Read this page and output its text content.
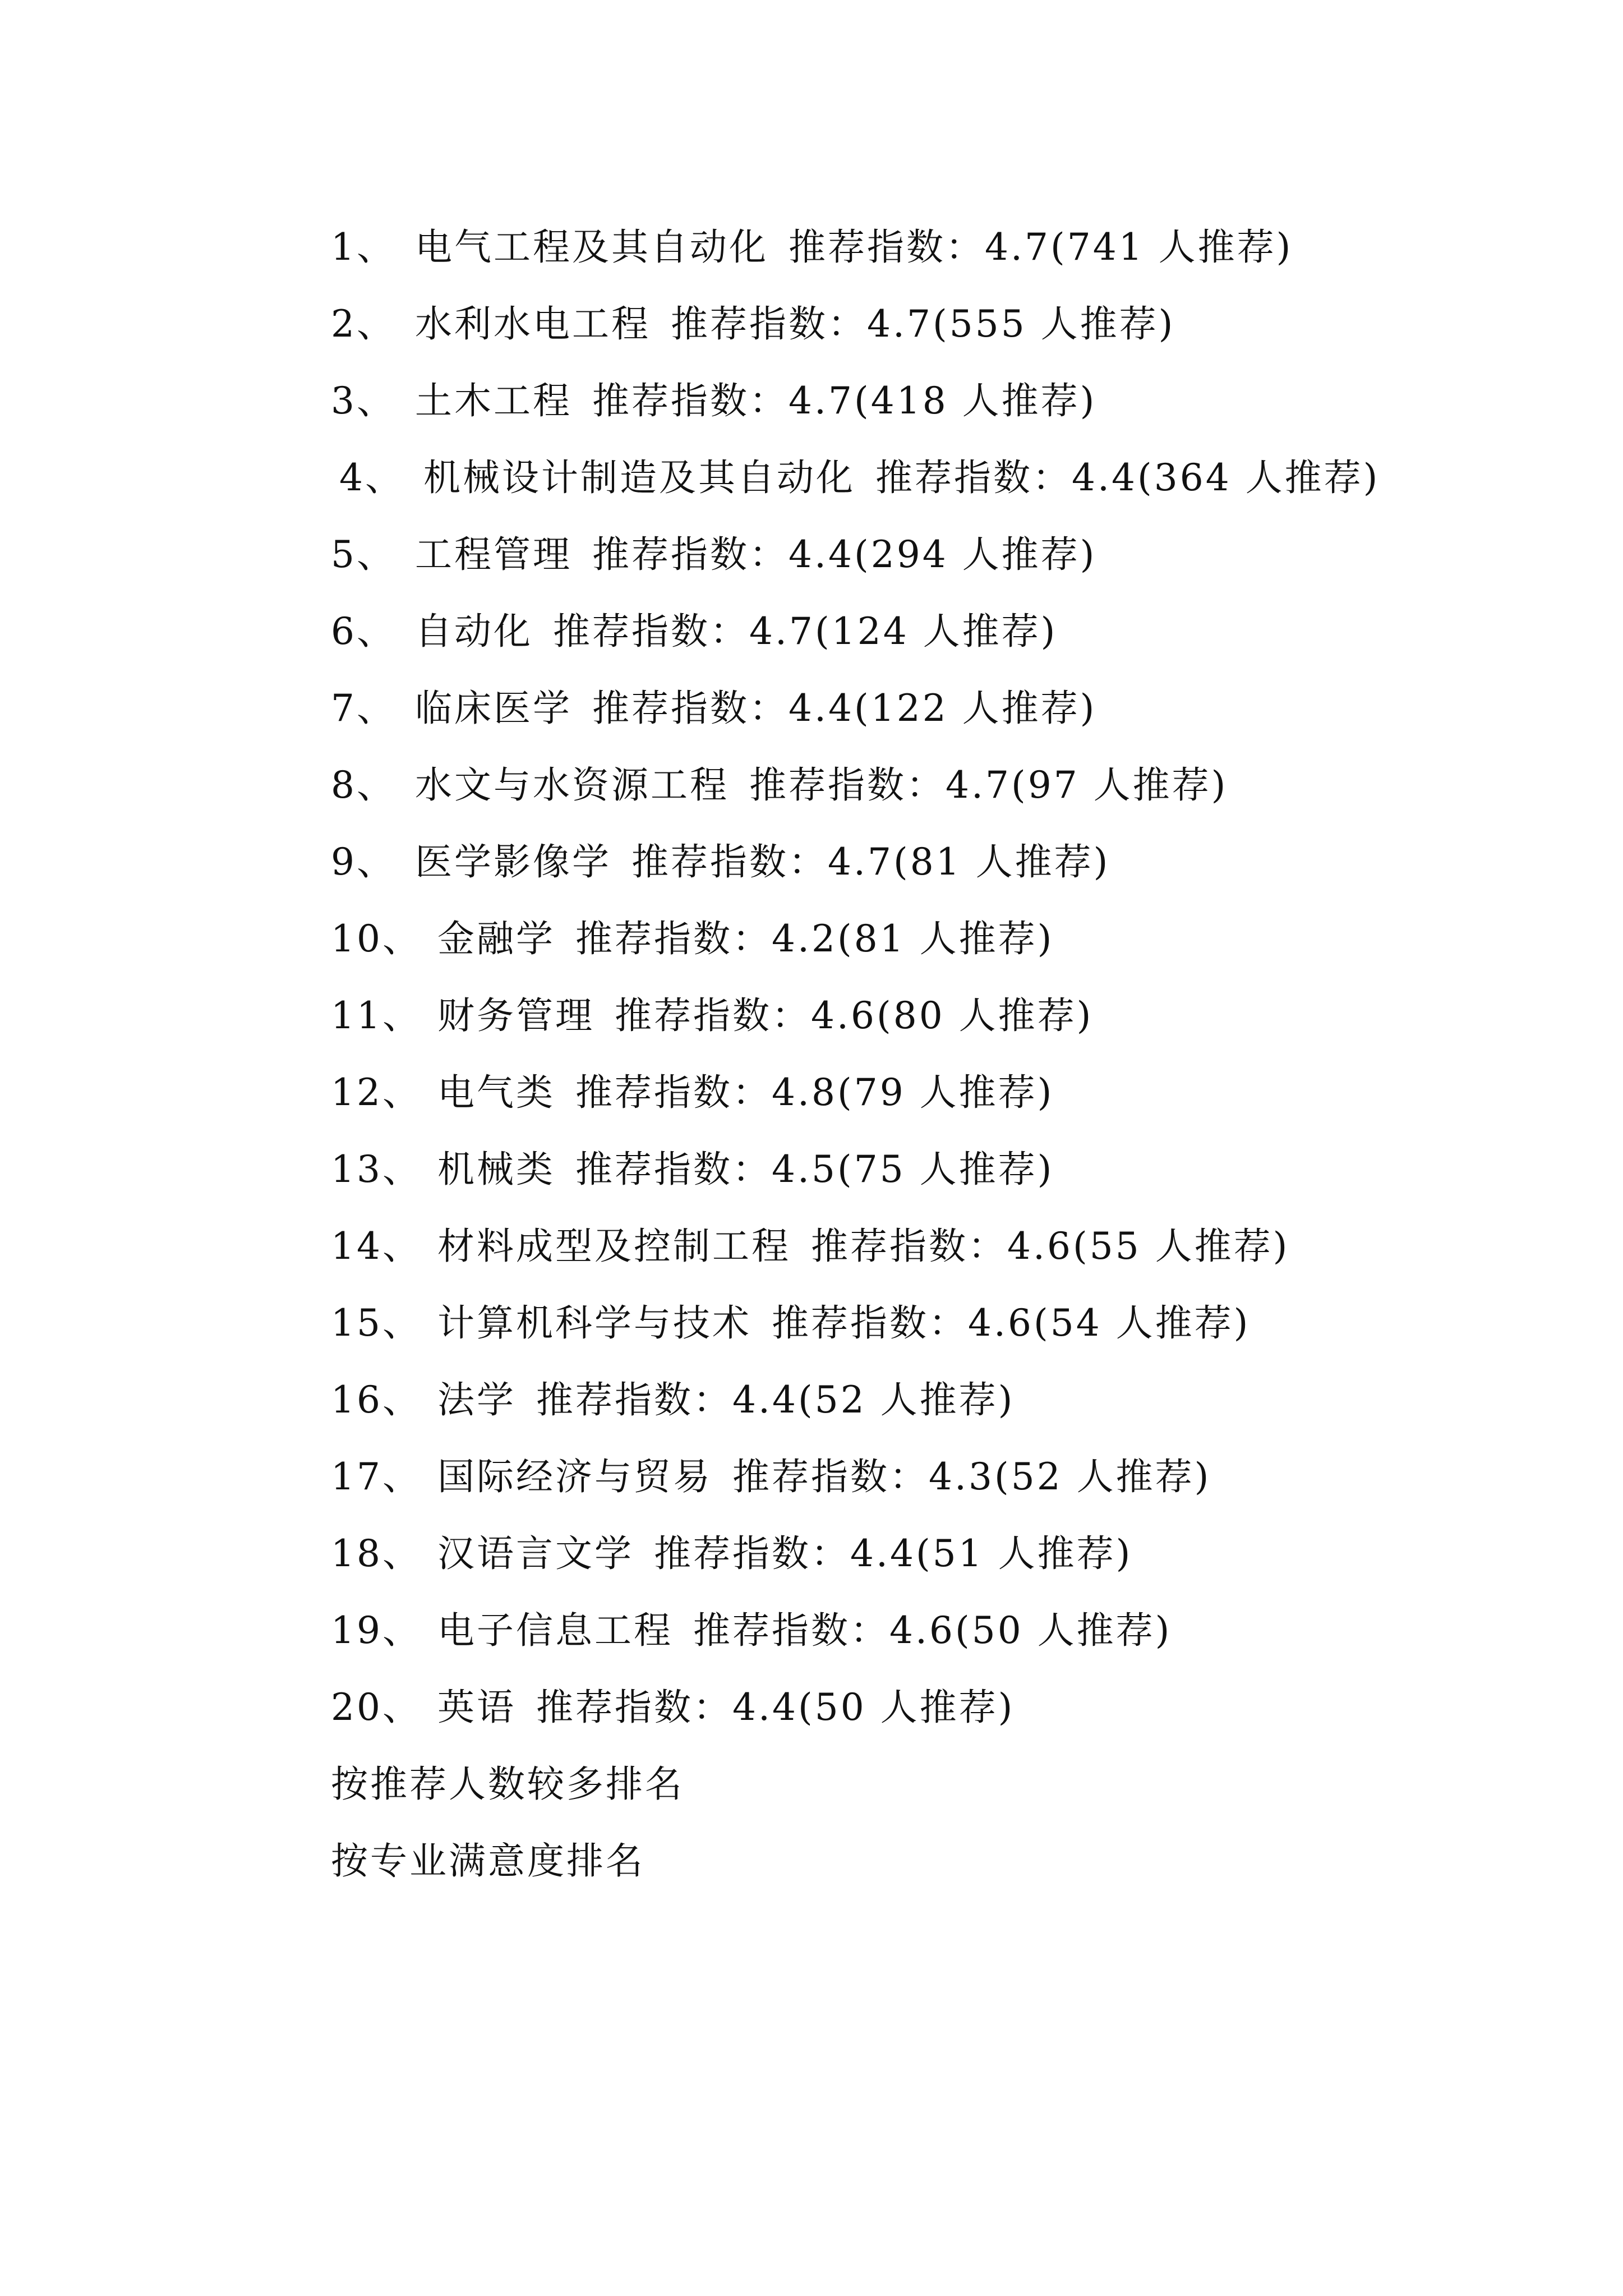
1、 电气工程及其自动化 推荐指数：4.7(741 人推荐)
2、 水利水电工程 推荐指数：4.7(555 人推荐)
3、 土木工程 推荐指数：4.7(418 人推荐)
4、 机械设计制造及其自动化 推荐指数：4.4(364 人推荐)
5、 工程管理 推荐指数：4.4(294 人推荐)
6、 自动化 推荐指数：4.7(124 人推荐)
7、 临床医学 推荐指数：4.4(122 人推荐)
8、 水文与水资源工程 推荐指数：4.7(97 人推荐)
9、 医学影像学 推荐指数：4.7(81 人推荐)
10、 金融学 推荐指数：4.2(81 人推荐)
11、 财务管理 推荐指数：4.6(80 人推荐)
12、 电气类 推荐指数：4.8(79 人推荐)
13、 机械类 推荐指数：4.5(75 人推荐)
14、 材料成型及控制工程 推荐指数：4.6(55 人推荐)
15、 计算机科学与技术 推荐指数：4.6(54 人推荐)
16、 法学 推荐指数：4.4(52 人推荐)
17、 国际经济与贸易 推荐指数：4.3(52 人推荐)
18、 汉语言文学 推荐指数：4.4(51 人推荐)
19、 电子信息工程 推荐指数：4.6(50 人推荐)
20、 英语 推荐指数：4.4(50 人推荐)
按推荐人数较多排名
按专业满意度排名
